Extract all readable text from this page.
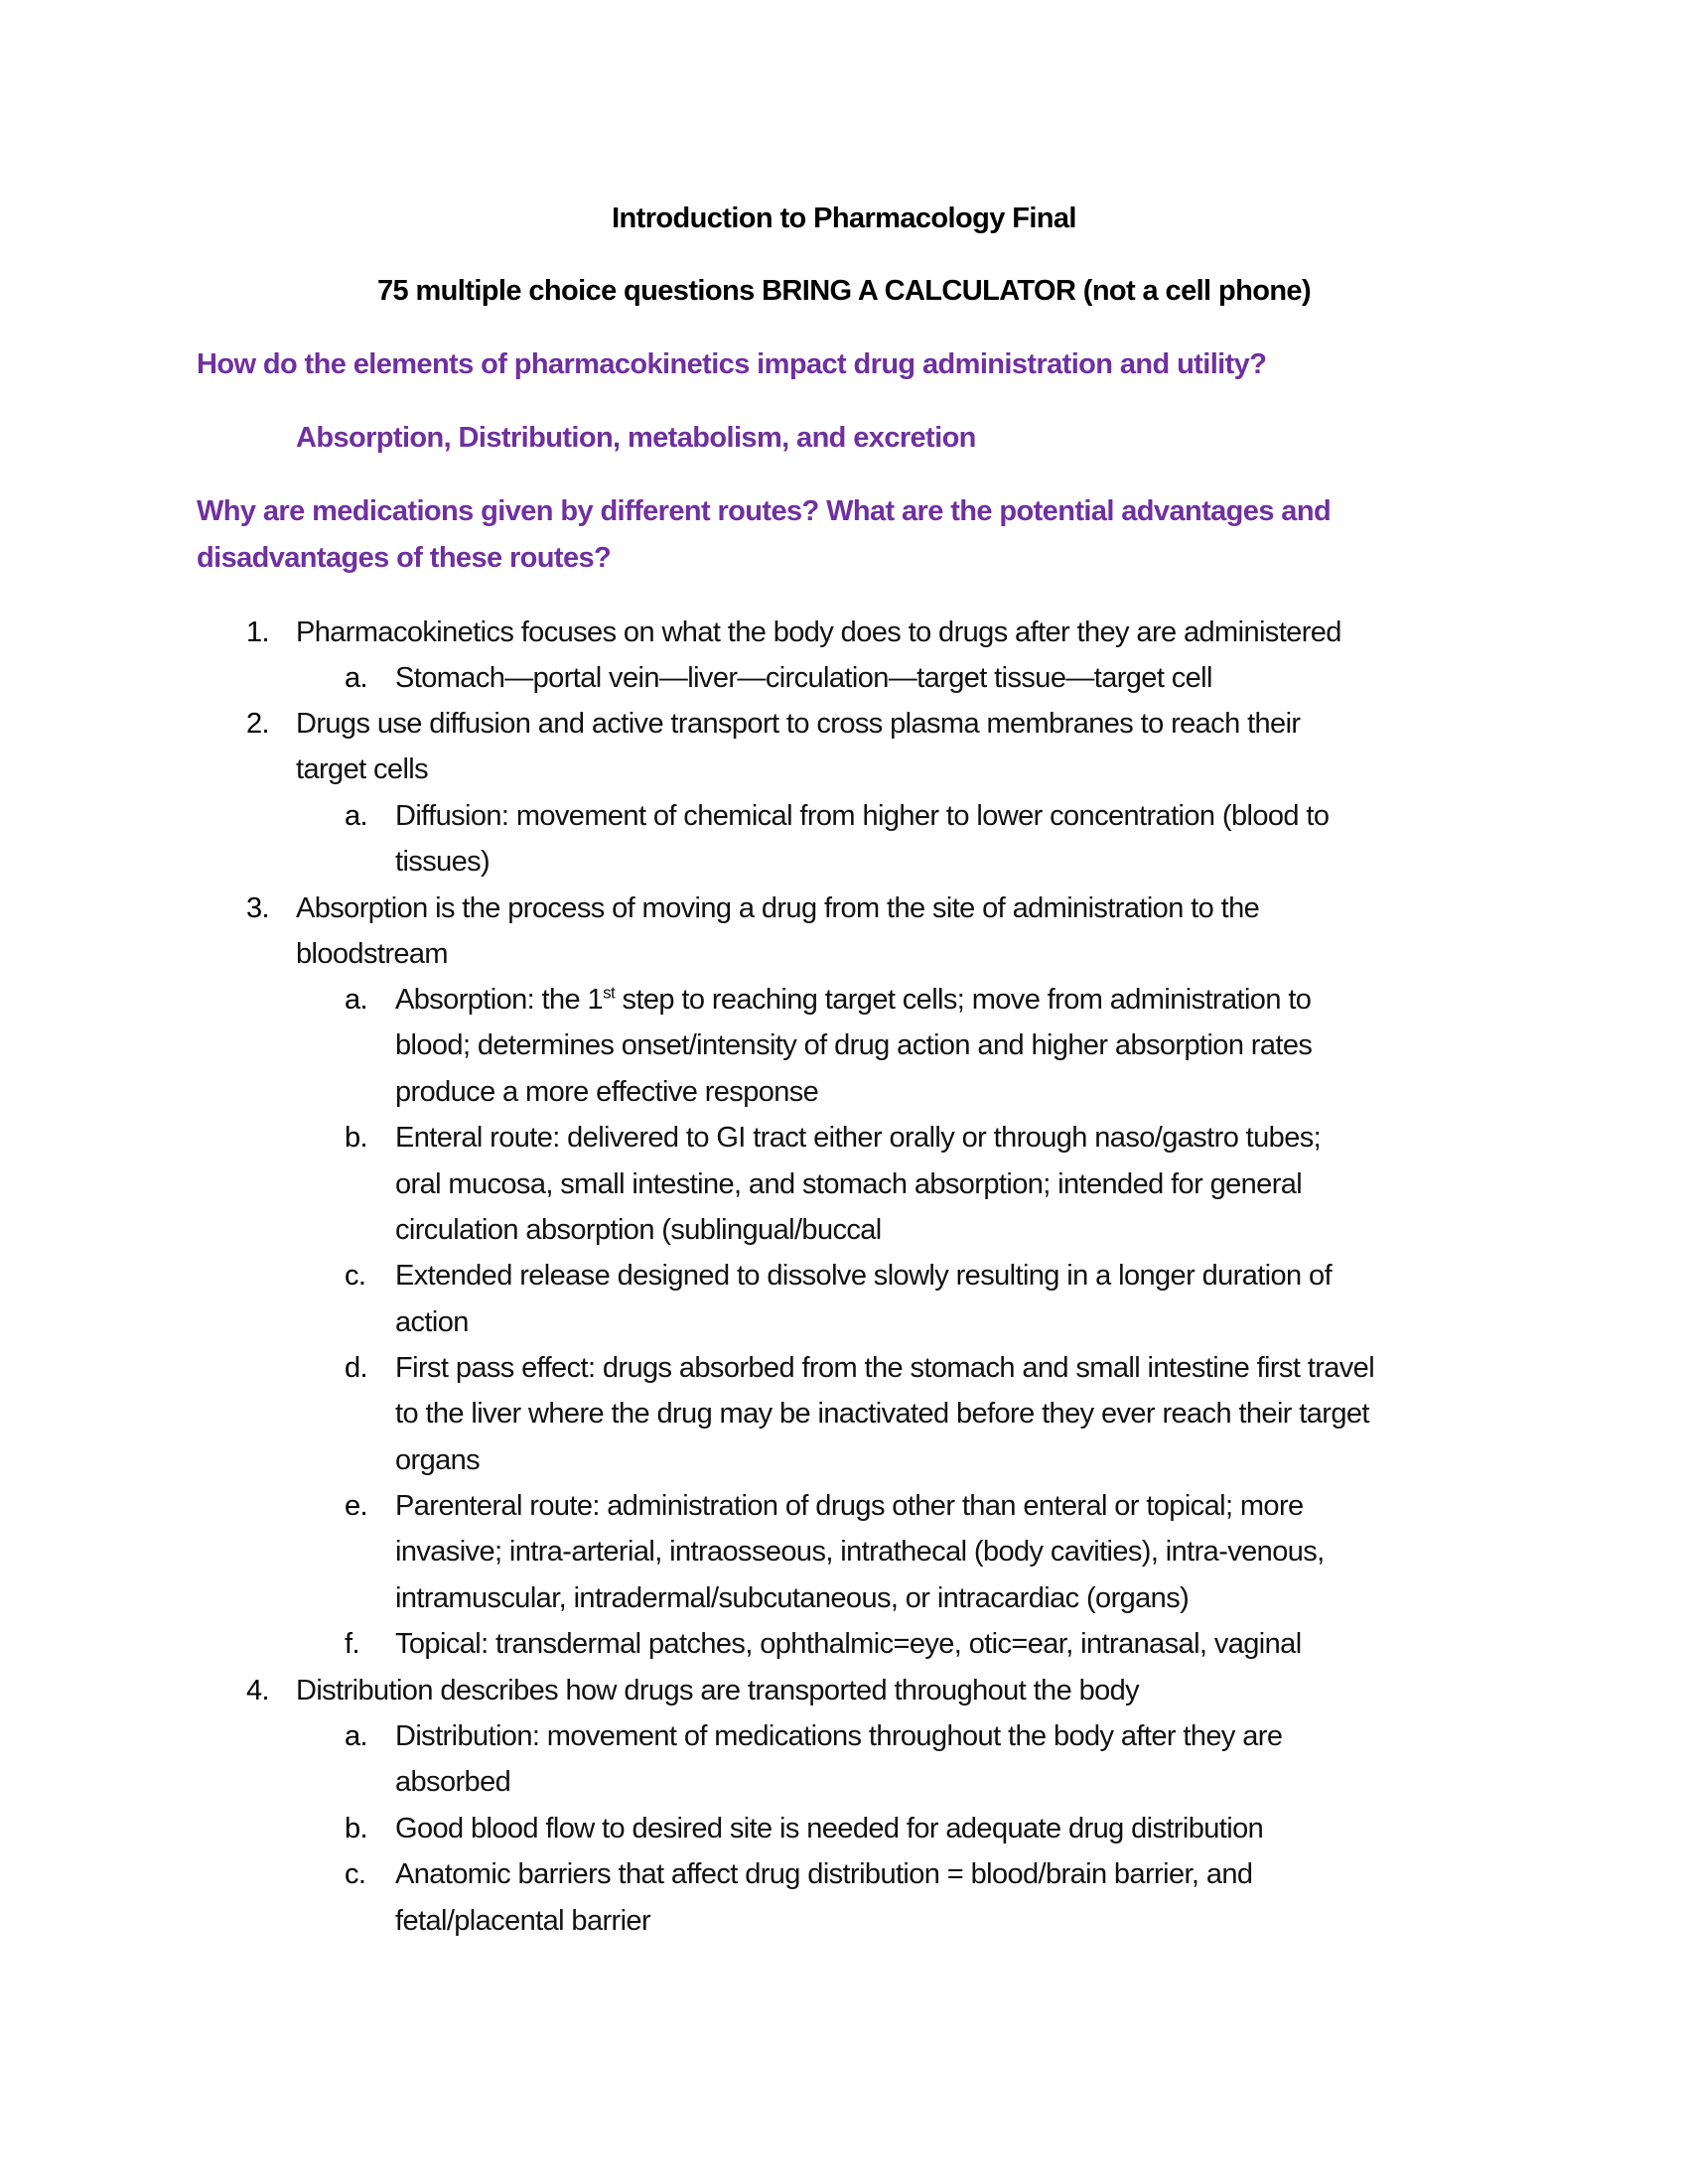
Introduction to Pharmacology Final
75 multiple choice questions BRING A CALCULATOR (not a cell phone)
How do the elements of pharmacokinetics impact drug administration and utility?
Absorption, Distribution, metabolism, and excretion
Why are medications given by different routes? What are the potential advantages and
disadvantages of these routes?
1. Pharmacokinetics focuses on what the body does to drugs after they are administered
a. Stomach—portal vein—liver—circulation—target tissue—target cell
2. Drugs use diffusion and active transport to cross plasma membranes to reach their
target cells
a. Diffusion: movement of chemical from higher to lower concentration (blood to
tissues)
3. Absorption is the process of moving a drug from the site of administration to the
bloodstream
a. Absorption: the 1st step to reaching target cells; move from administration to
blood; determines onset/intensity of drug action and higher absorption rates
produce a more effective response
b. Enteral route: delivered to GI tract either orally or through naso/gastro tubes;
oral mucosa, small intestine, and stomach absorption; intended for general
circulation absorption (sublingual/buccal
c. Extended release designed to dissolve slowly resulting in a longer duration of
action
d. First pass effect: drugs absorbed from the stomach and small intestine first travel
to the liver where the drug may be inactivated before they ever reach their target
organs
e. Parenteral route: administration of drugs other than enteral or topical; more
invasive; intra-arterial, intraosseous, intrathecal (body cavities), intra-venous,
intramuscular, intradermal/subcutaneous, or intracardiac (organs)
f. Topical: transdermal patches, ophthalmic=eye, otic=ear, intranasal, vaginal
4. Distribution describes how drugs are transported throughout the body
a. Distribution: movement of medications throughout the body after they are
absorbed
b. Good blood flow to desired site is needed for adequate drug distribution
c. Anatomic barriers that affect drug distribution = blood/brain barrier, and
fetal/placental barrier
